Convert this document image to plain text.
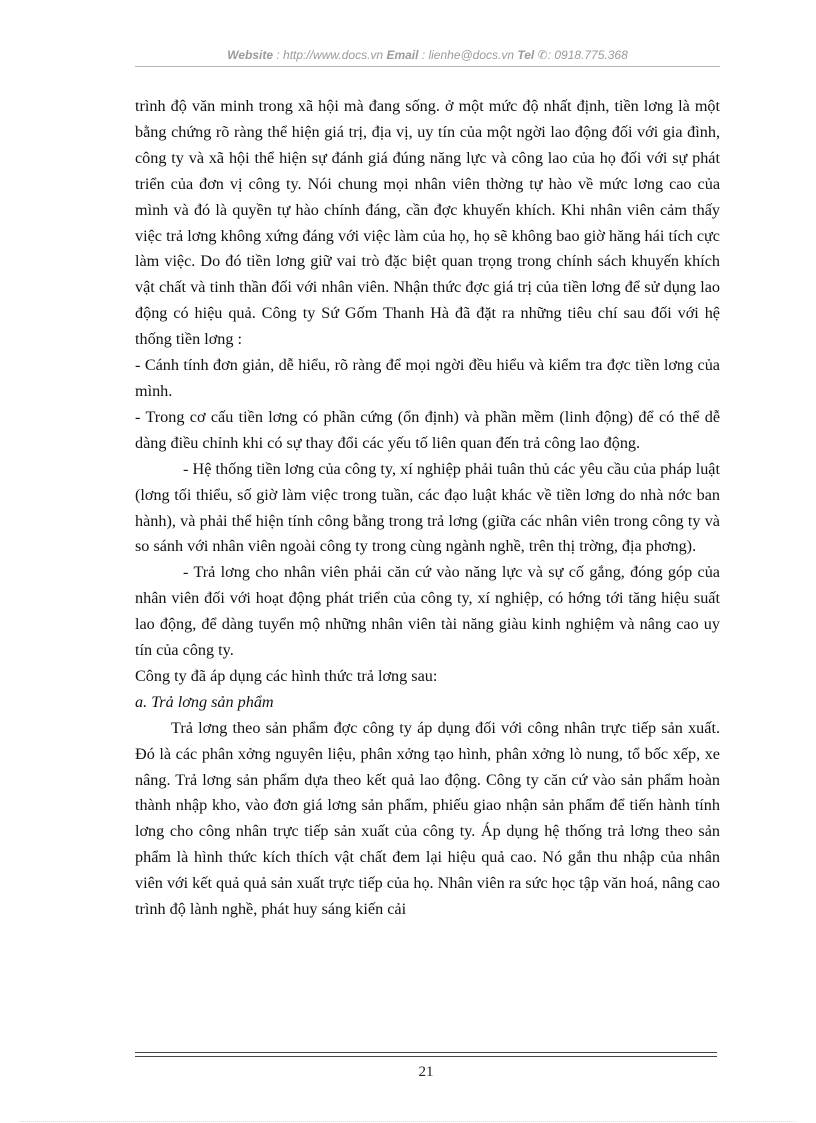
Website : http://www.docs.vn Email : lienhe@docs.vn Tel ✆: 0918.775.368

trình độ văn minh trong xã hội mà đang sống. ở một mức độ nhất định, tiền lơng là một bằng chứng rõ ràng thể hiện giá trị, địa vị, uy tín của một ngời lao động đối với gia đình, công ty và xã hội thể hiện sự đánh giá đúng năng lực và công lao của họ đối với sự phát triển của đơn vị công ty. Nói chung mọi nhân viên thờng tự hào về mức lơng cao của mình và đó là quyền tự hào chính đáng, cần đợc khuyến khích. Khi nhân viên cảm thấy việc trả lơng không xứng đáng với việc làm của họ, họ sẽ không bao giờ hăng hái tích cực làm việc. Do đó tiền lơng giữ vai trò đặc biệt quan trọng trong chính sách khuyến khích vật chất và tinh thần đối với nhân viên. Nhận thức đợc giá trị của tiền lơng để sử dụng lao động có hiệu quả. Công ty Sứ Gốm Thanh Hà đã đặt ra những tiêu chí sau đối với hệ thống tiền lơng :

- Cánh tính đơn giản, dễ hiểu, rõ ràng để mọi ngời đều hiểu và kiểm tra đợc tiền lơng của mình.

- Trong cơ cấu tiền lơng có phần cứng (ổn định) và phần mềm (linh động) để có thể dễ dàng điều chỉnh khi có sự thay đổi các yếu tố liên quan đến trả công lao động.

- Hệ thống tiền lơng của công ty, xí nghiệp phải tuân thủ các yêu cầu của pháp luật (lơng tối thiểu, số giờ làm việc trong tuần, các đạo luật khác về tiền lơng do nhà nớc ban hành), và phải thể hiện tính công bằng trong trả lơng (giữa các nhân viên trong công ty và so sánh với nhân viên ngoài công ty trong cùng ngành nghề, trên thị trờng, địa phơng).

- Trả lơng cho nhân viên phải căn cứ vào năng lực và sự cố gắng, đóng góp của nhân viên đối với hoạt động phát triển của công ty, xí nghiệp, có hớng tới tăng hiệu suất lao động, để dàng tuyển mộ những nhân viên tài năng giàu kinh nghiệm và nâng cao uy tín của công ty.

Công ty đã áp dụng các hình thức trả lơng sau:

a. Trả lơng sản phẩm

Trả lơng theo sản phẩm đợc công ty áp dụng đối với công nhân trực tiếp sản xuất. Đó là các phân xởng nguyên liệu, phân xởng tạo hình, phân xởng lò nung, tổ bốc xếp, xe nâng. Trả lơng sản phẩm dựa theo kết quả lao động. Công ty căn cứ vào sản phẩm hoàn thành nhập kho, vào đơn giá lơng sản phẩm, phiếu giao nhận sản phẩm để tiến hành tính lơng cho công nhân trực tiếp sản xuất của công ty. Áp dụng hệ thống trả lơng theo sản phẩm là hình thức kích thích vật chất đem lại hiệu quả cao. Nó gắn thu nhập của nhân viên với kết quả quả sản xuất trực tiếp của họ. Nhân viên ra sức học tập văn hoá, nâng cao trình độ lành nghề, phát huy sáng kiến cải

21
